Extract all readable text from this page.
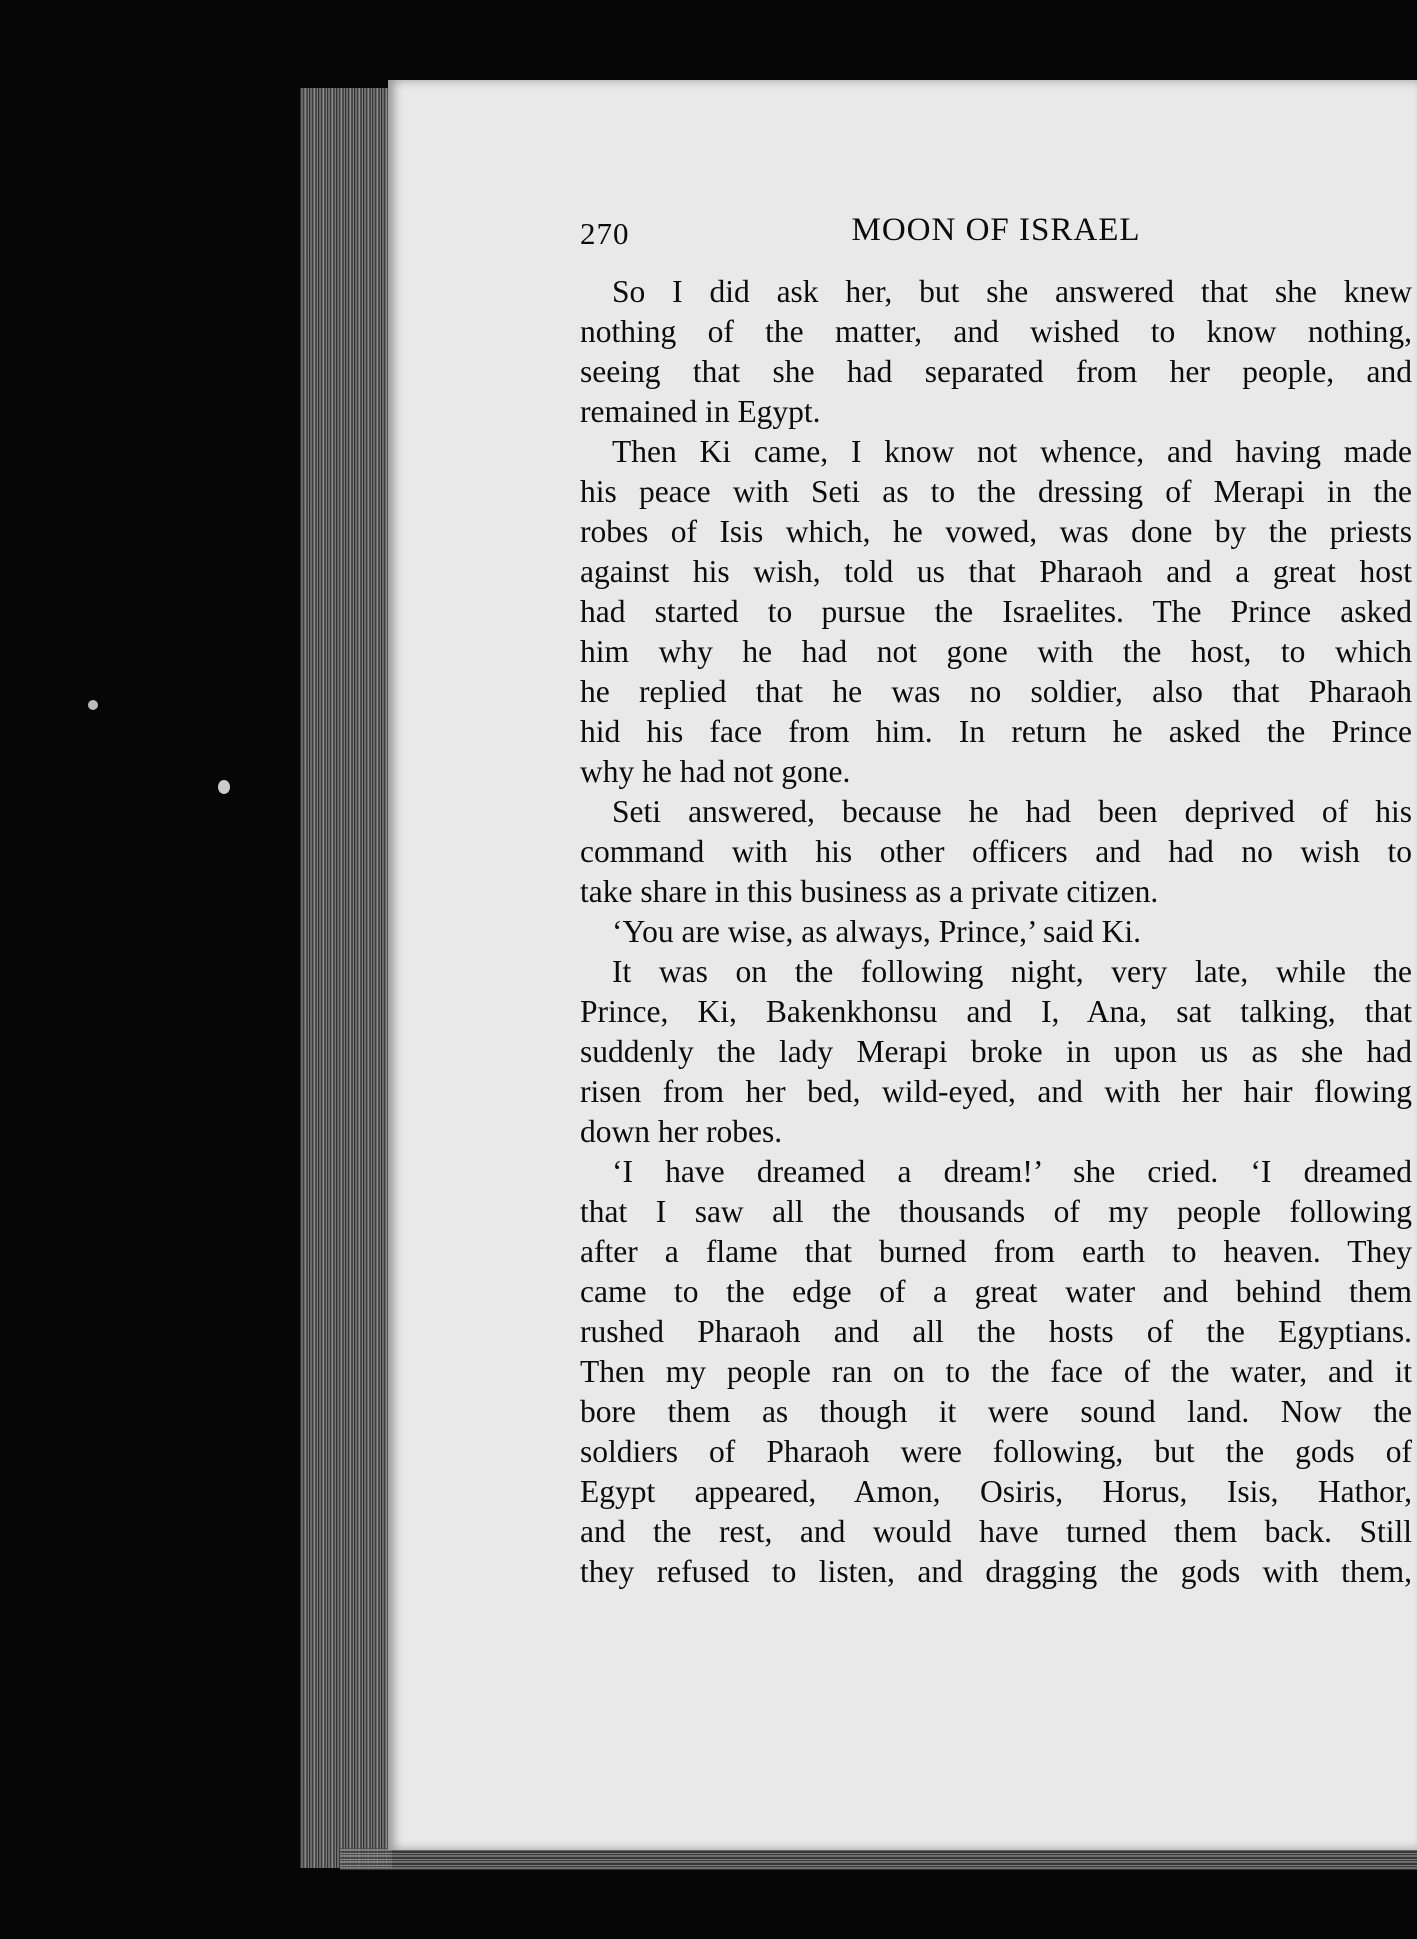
270	MOON OF ISRAEL
So I did ask her, but she answered that she knew
nothing of the matter, and wished to know nothing,
seeing that she had separated from her people, and
remained in Egypt.
Then Ki came, I know not whence, and having made
his peace with Seti as to the dressing of Merapi in the
robes of Isis which, he vowed, was done by the priests
against his wish, told us that Pharaoh and a great host
had started to pursue the Israelites. The Prince asked
him why he had not gone with the host, to which
he replied that he was no soldier, also that Pharaoh
hid his face from him. In return he asked the Prince
why he had not gone.
Seti answered, because he had been deprived of his
command with his other officers and had no wish to
take share in this business as a private citizen.
‘You are wise, as always, Prince,’ said Ki.
It was on the following night, very late, while the
Prince, Ki, Bakenkhonsu and I, Ana, sat talking, that
suddenly the lady Merapi broke in upon us as she had
risen from her bed, wild-eyed, and with her hair flowing
down her robes.
‘I have dreamed a dream!’ she cried. ‘I dreamed
that I saw all the thousands of my people following
after a flame that burned from earth to heaven. They
came to the edge of a great water and behind them
rushed Pharaoh and all the hosts of the Egyptians.
Then my people ran on to the face of the water, and it
bore them as though it were sound land. Now the
soldiers of Pharaoh were following, but the gods of
Egypt appeared, Amon, Osiris, Horus, Isis, Hathor,
and the rest, and would have turned them back. Still
they refused to listen, and dragging the gods with them,
